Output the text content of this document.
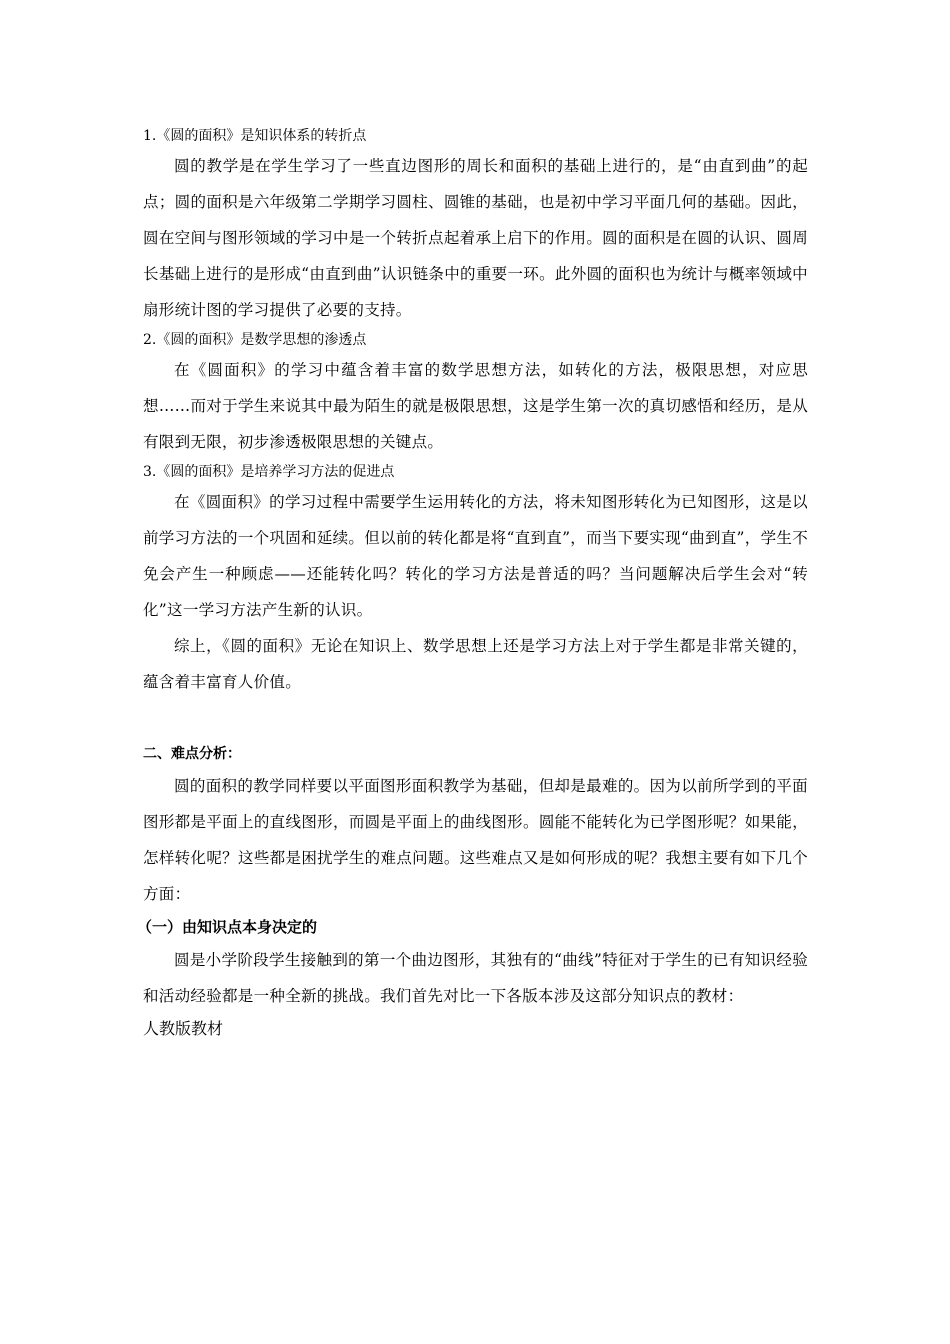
1.《圆的面积》是知识体系的转折点

圆的教学是在学生学习了一些直边图形的周长和面积的基础上进行的，是“由直到曲”的起点；圆的面积是六年级第二学期学习圆柱、圆锥的基础，也是初中学习平面几何的基础。因此，圆在空间与图形领域的学习中是一个转折点起着承上启下的作用。圆的面积是在圆的认识、圆周长基础上进行的是形成“由直到曲”认识链条中的重要一环。此外圆的面积也为统计与概率领域中扇形统计图的学习提供了必要的支持。

2.《圆的面积》是数学思想的渗透点

在《圆面积》的学习中蕴含着丰富的数学思想方法，如转化的方法，极限思想，对应思想……而对于学生来说其中最为陌生的就是极限思想，这是学生第一次的真切感悟和经历，是从有限到无限，初步渗透极限思想的关键点。

3.《圆的面积》是培养学习方法的促进点

在《圆面积》的学习过程中需要学生运用转化的方法，将未知图形转化为已知图形，这是以前学习方法的一个巩固和延续。但以前的转化都是将“直到直”，而当下要实现“曲到直”，学生不免会产生一种顾虑——还能转化吗？转化的学习方法是普适的吗？当问题解决后学生会对“转化”这一学习方法产生新的认识。

综上，《圆的面积》无论在知识上、数学思想上还是学习方法上对于学生都是非常关键的，蕴含着丰富育人价值。

二、难点分析：

圆的面积的教学同样要以平面图形面积教学为基础，但却是最难的。因为以前所学到的平面图形都是平面上的直线图形，而圆是平面上的曲线图形。圆能不能转化为已学图形呢？如果能，怎样转化呢？这些都是困扰学生的难点问题。这些难点又是如何形成的呢？我想主要有如下几个方面：

（一）由知识点本身决定的

圆是小学阶段学生接触到的第一个曲边图形，其独有的“曲线”特征对于学生的已有知识经验和活动经验都是一种全新的挑战。我们首先对比一下各版本涉及这部分知识点的教材：

人教版教材
